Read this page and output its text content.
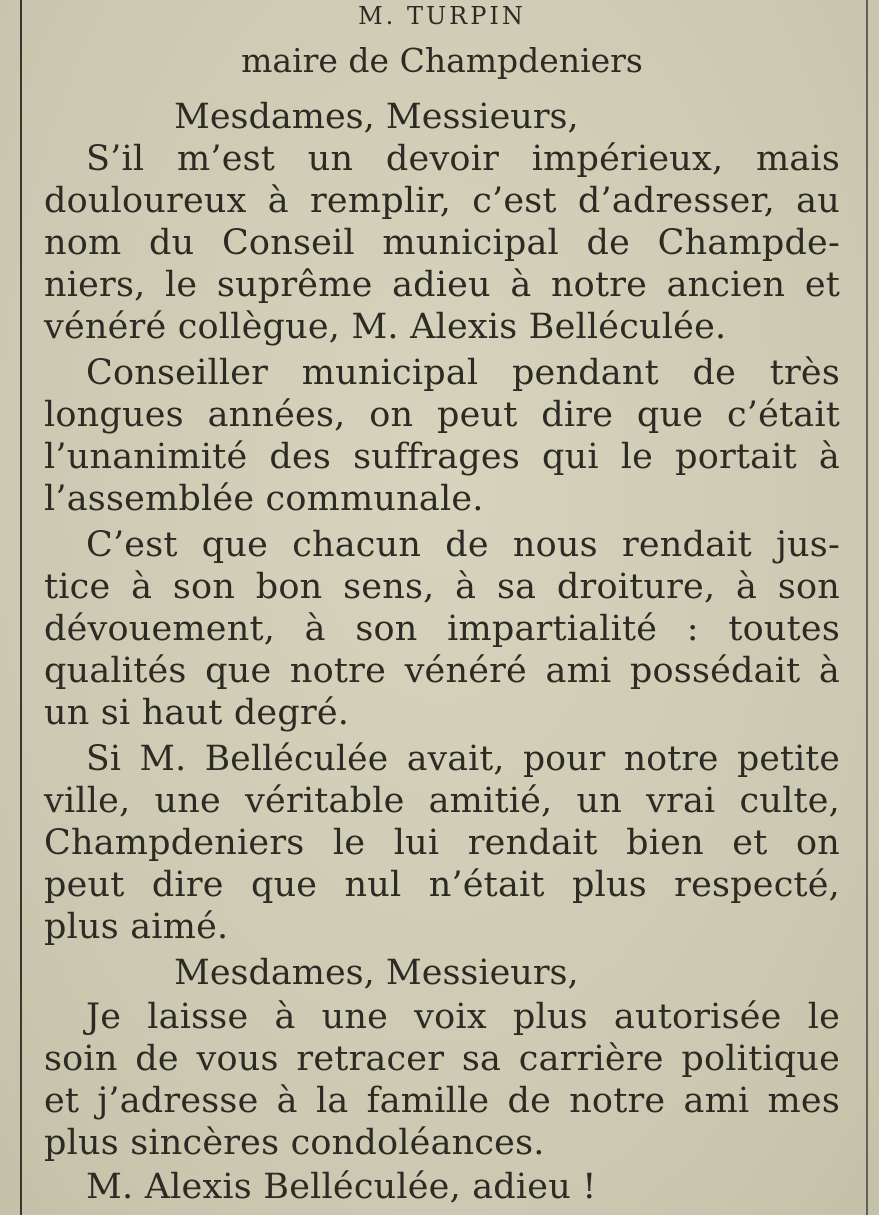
M. TURPIN
maire de Champdeniers
Mesdames, Messieurs,
S’il m’est un devoir impérieux, mais
douloureux à remplir, c’est d’adresser, au
nom du Conseil municipal de Champde-
niers, le suprême adieu à notre ancien et
vénéré collègue, M. Alexis Belléculée.
Conseiller municipal pendant de très
longues années, on peut dire que c’était
l’unanimité des suffrages qui le portait à
l’assemblée communale.
C’est que chacun de nous rendait jus-
tice à son bon sens, à sa droiture, à son
dévouement, à son impartialité : toutes
qualités que notre vénéré ami possédait à
un si haut degré.
Si M. Belléculée avait, pour notre petite
ville, une véritable amitié, un vrai culte,
Champdeniers le lui rendait bien et on
peut dire que nul n’était plus respecté,
plus aimé.
Mesdames, Messieurs,
Je laisse à une voix plus autorisée le
soin de vous retracer sa carrière politique
et j’adresse à la famille de notre ami mes
plus sincères condoléances.
M. Alexis Belléculée, adieu !
